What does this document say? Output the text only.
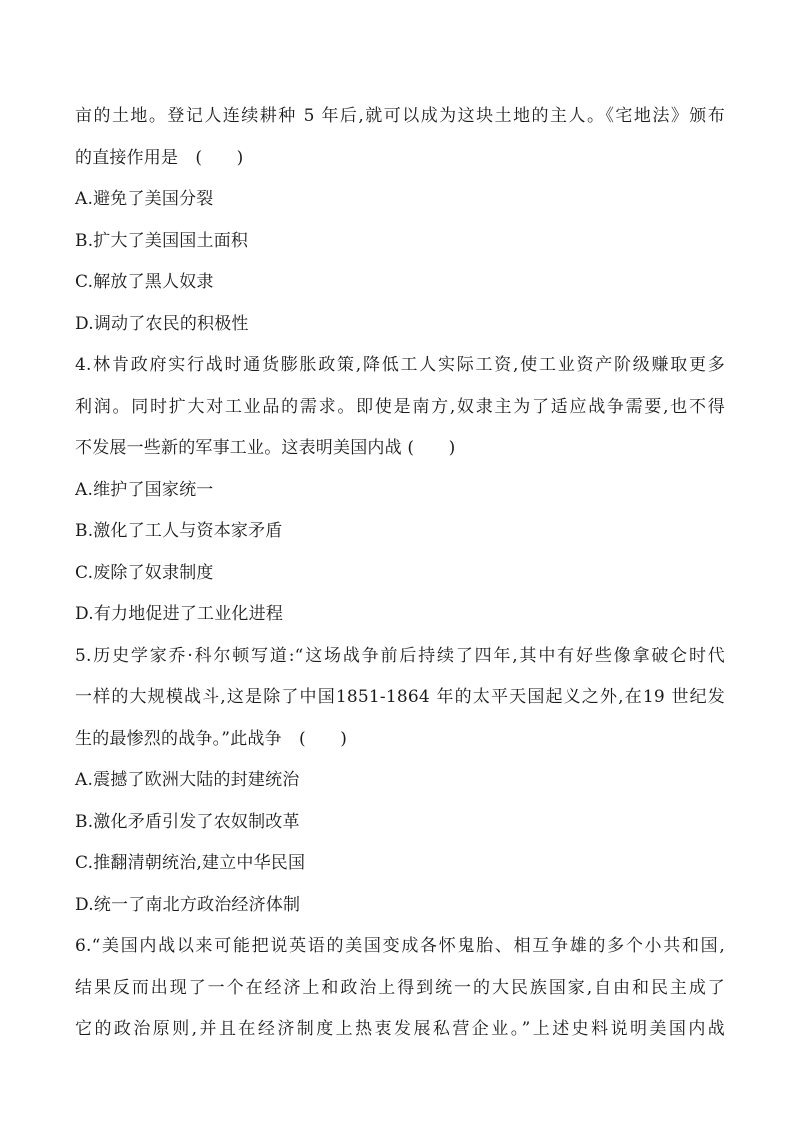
亩的土地。登记人连续耕种 5 年后,就可以成为这块土地的主人。《宅地法》颁布
的直接作用是　(　　)
A.避免了美国分裂
B.扩大了美国国土面积
C.解放了黑人奴隶
D.调动了农民的积极性
4.林肯政府实行战时通货膨胀政策,降低工人实际工资,使工业资产阶级赚取更多
利润。同时扩大对工业品的需求。即使是南方,奴隶主为了适应战争需要,也不得
不发展一些新的军事工业。这表明美国内战 (　　)
A.维护了国家统一
B.激化了工人与资本家矛盾
C.废除了奴隶制度
D.有力地促进了工业化进程
5.历史学家乔·科尔顿写道:“这场战争前后持续了四年,其中有好些像拿破仑时代
一样的大规模战斗,这是除了中国1851-1864 年的太平天国起义之外,在19 世纪发
生的最惨烈的战争。”此战争　(　　)
A.震撼了欧洲大陆的封建统治
B.激化矛盾引发了农奴制改革
C.推翻清朝统治,建立中华民国
D.统一了南北方政治经济体制
6.“美国内战以来可能把说英语的美国变成各怀鬼胎、相互争雄的多个小共和国,
结果反而出现了一个在经济上和政治上得到统一的大民族国家,自由和民主成了
它的政治原则,并且在经济制度上热衷发展私营企业。”上述史料说明美国内战
